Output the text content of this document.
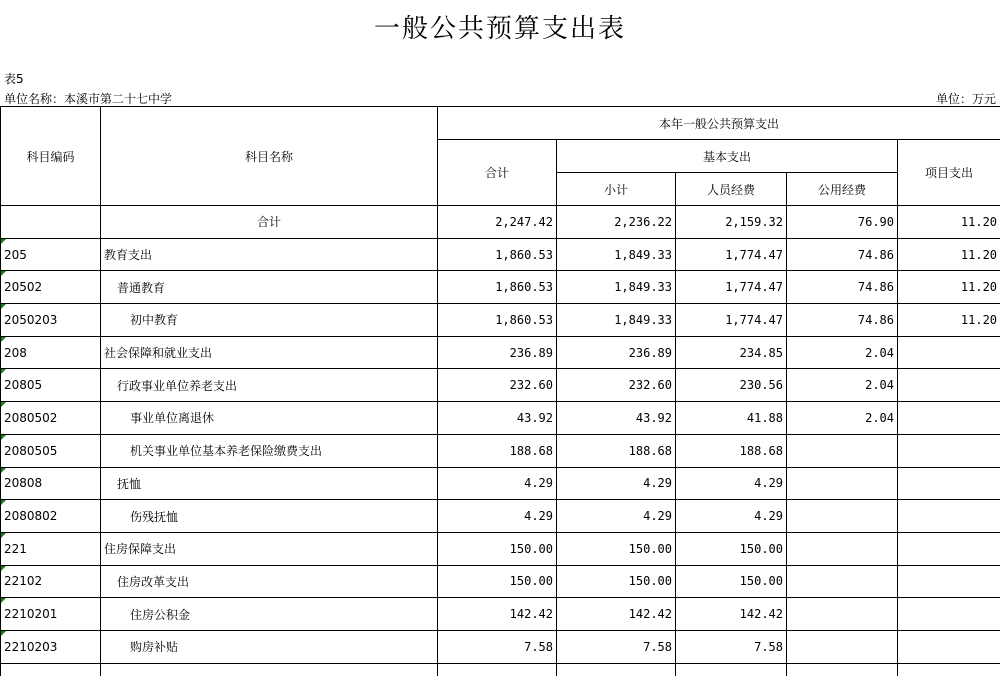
一般公共预算支出表
表5
单位名称：本溪市第二十七中学	单位：万元
科目编码	科目名称	本年一般公共预算支出				
		合计	基本支出			项目支出
			小计	人员经费	公用经费	
	合计	2,247.42	2,236.22	2,159.32	76.90	11.20
205	教育支出	1,860.53	1,849.33	1,774.47	74.86	11.20
20502	普通教育	1,860.53	1,849.33	1,774.47	74.86	11.20
2050203	初中教育	1,860.53	1,849.33	1,774.47	74.86	11.20
208	社会保障和就业支出	236.89	236.89	234.85	2.04	
20805	行政事业单位养老支出	232.60	232.60	230.56	2.04	
2080502	事业单位离退休	43.92	43.92	41.88	2.04	
2080505	机关事业单位基本养老保险缴费支出	188.68	188.68	188.68		
20808	抚恤	4.29	4.29	4.29		
2080802	伤残抚恤	4.29	4.29	4.29		
221	住房保障支出	150.00	150.00	150.00		
22102	住房改革支出	150.00	150.00	150.00		
2210201	住房公积金	142.42	142.42	142.42		
2210203	购房补贴	7.58	7.58	7.58		
